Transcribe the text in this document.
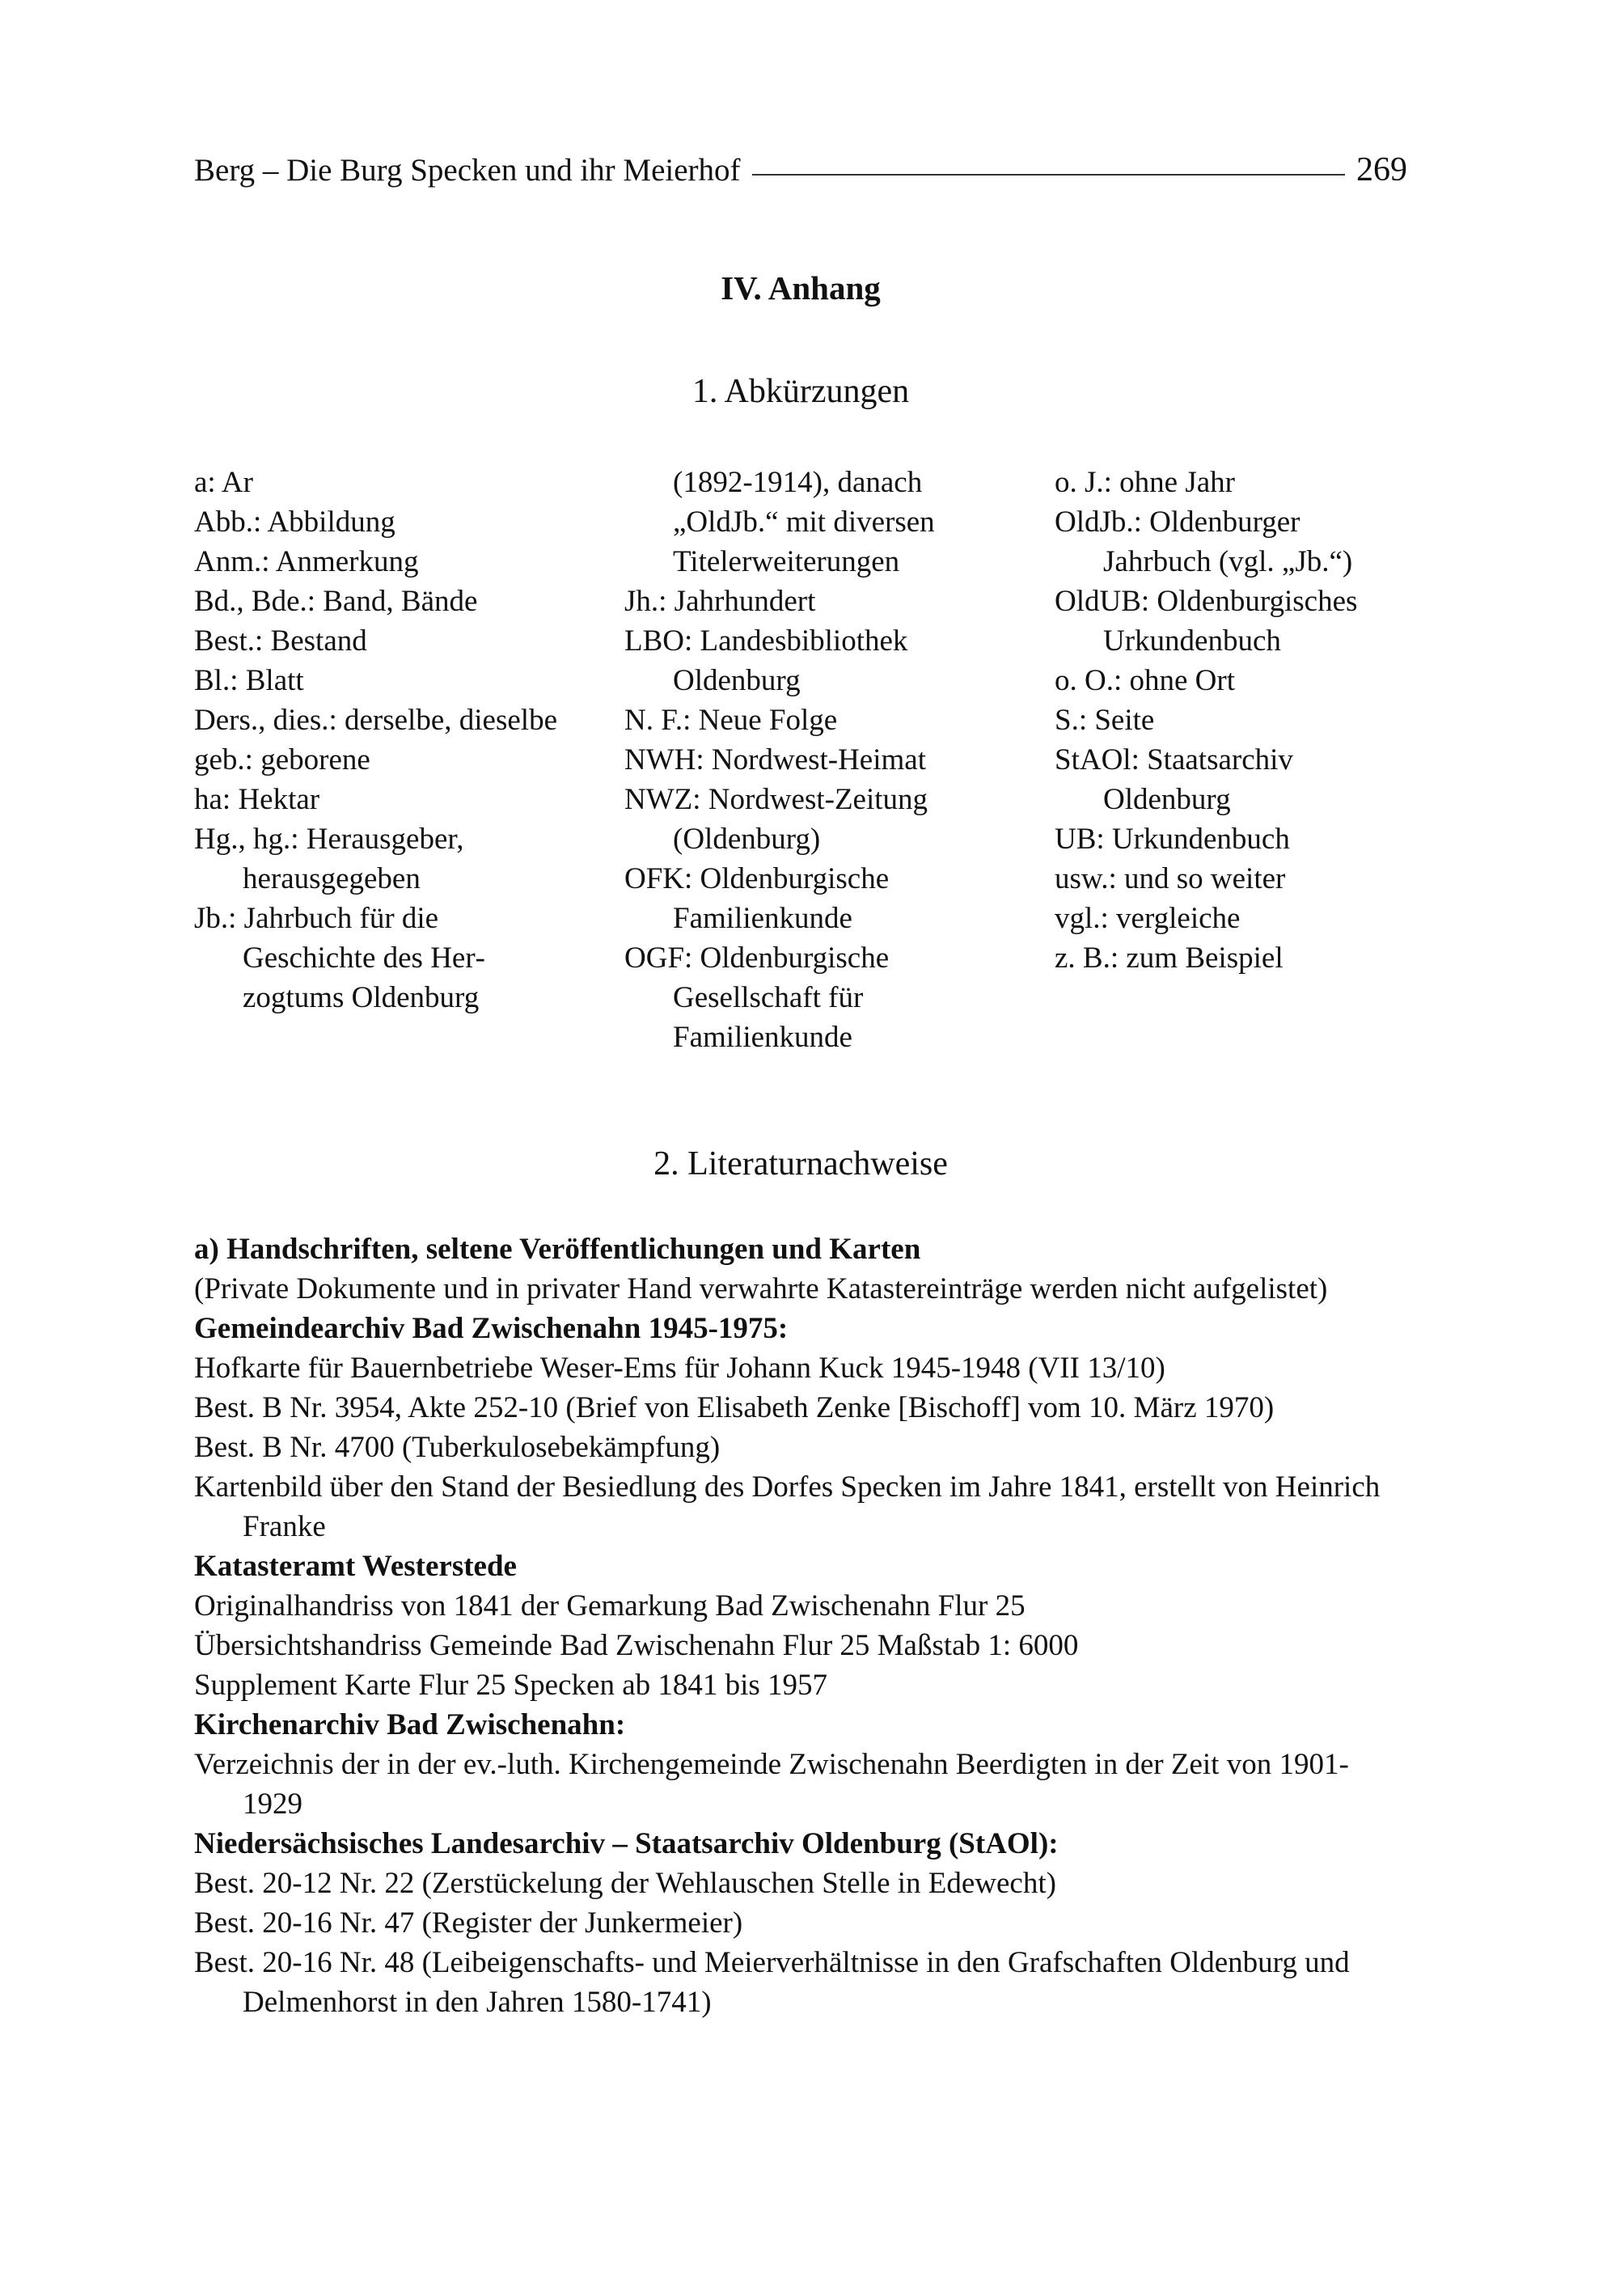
Berg – Die Burg Specken und ihr Meierhof	269
IV. Anhang
1. Abkürzungen
a: Ar
Abb.: Abbildung
Anm.: Anmerkung
Bd., Bde.: Band, Bände
Best.: Bestand
Bl.: Blatt
Ders., dies.: derselbe, dieselbe
geb.: geborene
ha: Hektar
Hg., hg.: Herausgeber, herausgegeben
Jb.: Jahrbuch für die Geschichte des Herzogtums Oldenburg
(1892-1914), danach „OldJb.“ mit diversen Titelerweiterungen
Jh.: Jahrhundert
LBO: Landesbibliothek Oldenburg
N. F.: Neue Folge
NWH: Nordwest-Heimat
NWZ: Nordwest-Zeitung (Oldenburg)
OFK: Oldenburgische Familienkunde
OGF: Oldenburgische Gesellschaft für Familienkunde
o. J.: ohne Jahr
OldJb.: Oldenburger Jahrbuch (vgl. „Jb.“)
OldUB: Oldenburgisches Urkundenbuch
o. O.: ohne Ort
S.: Seite
StAOl: Staatsarchiv Oldenburg
UB: Urkundenbuch
usw.: und so weiter
vgl.: vergleiche
z. B.: zum Beispiel
2. Literaturnachweise

a) Handschriften, seltene Veröffentlichungen und Karten

(Private Dokumente und in privater Hand verwahrte Katastereinträge werden nicht aufgelistet)

Gemeindearchiv Bad Zwischenahn 1945-1975:

Hofkarte für Bauernbetriebe Weser-Ems für Johann Kuck 1945-1948 (VII 13/10)

Best. B Nr. 3954, Akte 252-10 (Brief von Elisabeth Zenke [Bischoff] vom 10. März 1970)

Best. B Nr. 4700 (Tuberkulosebekämpfung)

Kartenbild über den Stand der Besiedlung des Dorfes Specken im Jahre 1841, erstellt von Heinrich Franke

Katasteramt Westerstede

Originalhandriss von 1841 der Gemarkung Bad Zwischenahn Flur 25

Übersichtshandriss Gemeinde Bad Zwischenahn Flur 25 Maßstab 1: 6000

Supplement Karte Flur 25 Specken ab 1841 bis 1957

Kirchenarchiv Bad Zwischenahn:

Verzeichnis der in der ev.-luth. Kirchengemeinde Zwischenahn Beerdigten in der Zeit von 1901-1929

Niedersächsisches Landesarchiv – Staatsarchiv Oldenburg (StAOl):

Best. 20-12 Nr. 22 (Zerstückelung der Wehlauschen Stelle in Edewecht)

Best. 20-16 Nr. 47 (Register der Junkermeier)

Best. 20-16 Nr. 48 (Leibeigenschafts- und Meierverhältnisse in den Grafschaften Oldenburg und Delmenhorst in den Jahren 1580-1741)
